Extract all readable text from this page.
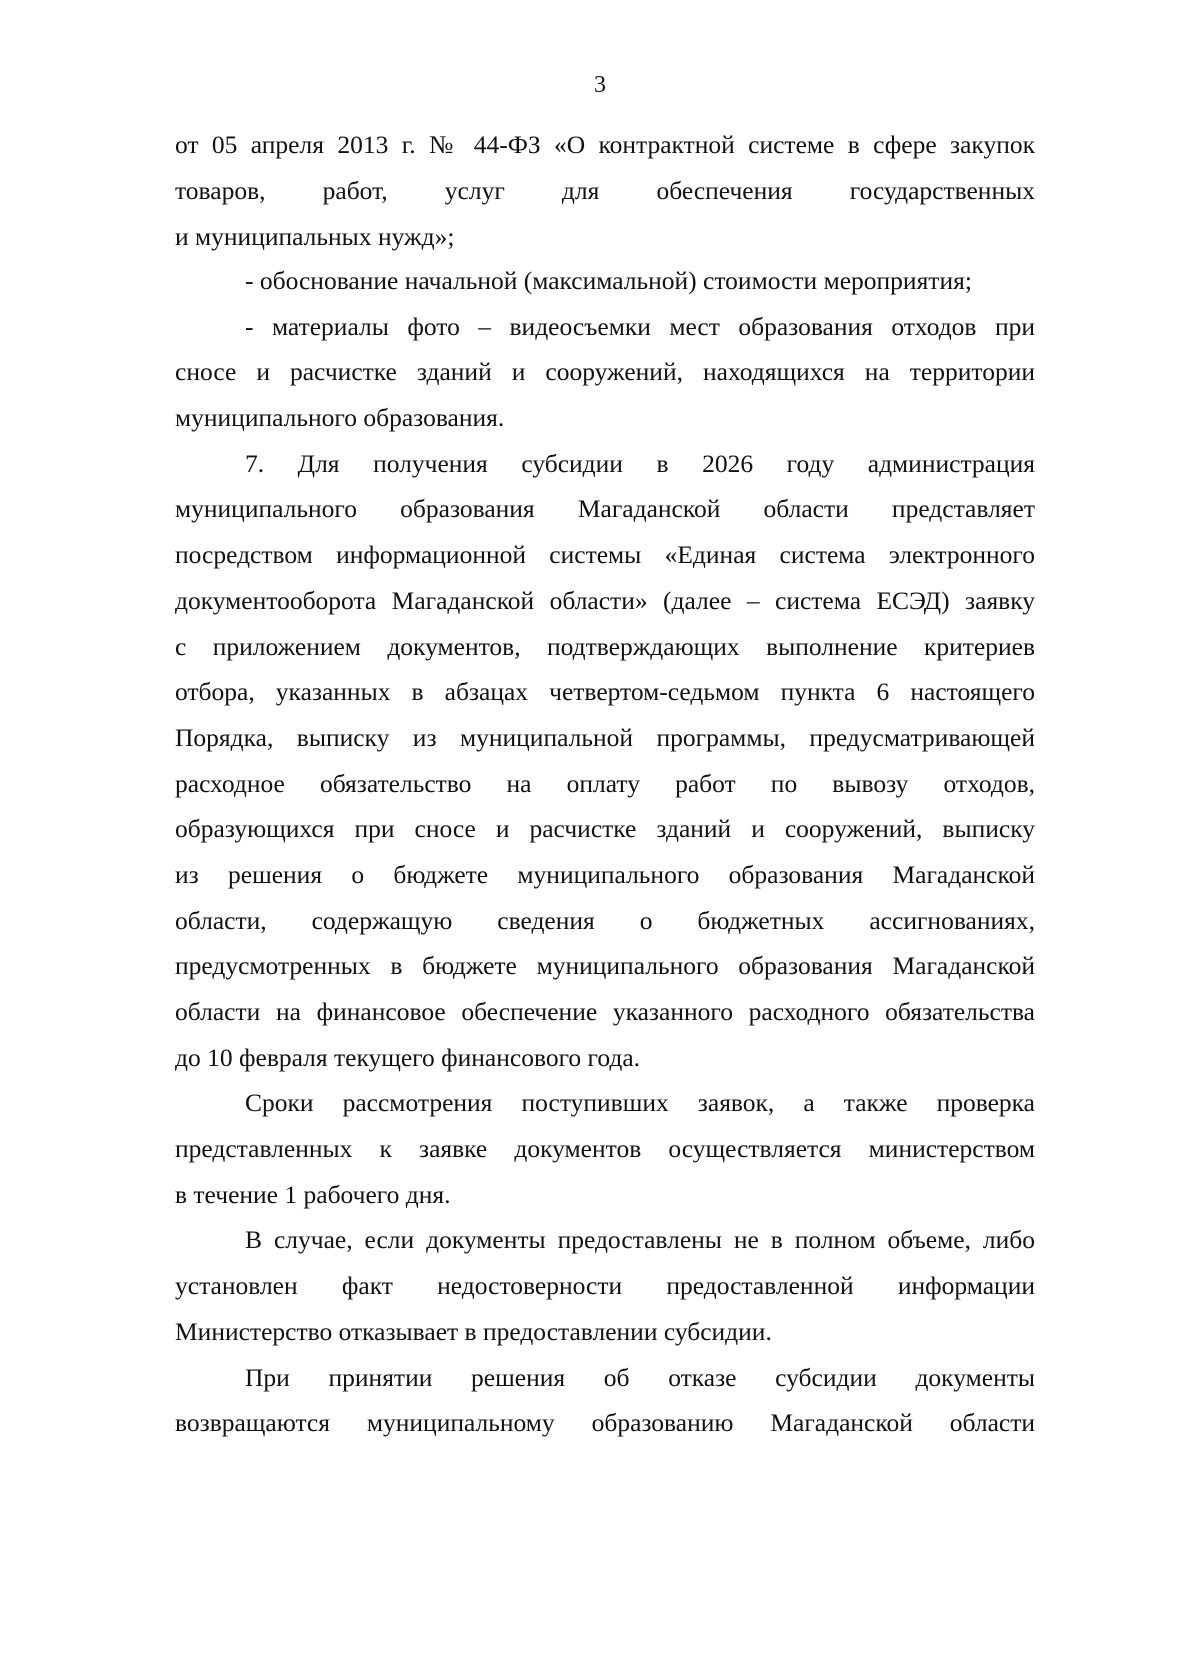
3
от 05 апреля 2013 г. № 44-ФЗ «О контрактной системе в сфере закупок
товаров, работ, услуг для обеспечения государственных
и муниципальных нужд»;
- обоснование начальной (максимальной) стоимости мероприятия;
- материалы фото – видеосъемки мест образования отходов при
сносе и расчистке зданий и сооружений, находящихся на территории
муниципального образования.
7. Для получения субсидии в 2026 году администрация
муниципального образования Магаданской области представляет
посредством информационной системы «Единая система электронного
документооборота Магаданской области» (далее – система ЕСЭД) заявку
с приложением документов, подтверждающих выполнение критериев
отбора, указанных в абзацах четвертом-седьмом пункта 6 настоящего
Порядка, выписку из муниципальной программы, предусматривающей
расходное обязательство на оплату работ по вывозу отходов,
образующихся при сносе и расчистке зданий и сооружений, выписку
из решения о бюджете муниципального образования Магаданской
области, содержащую сведения о бюджетных ассигнованиях,
предусмотренных в бюджете муниципального образования Магаданской
области на финансовое обеспечение указанного расходного обязательства
до 10 февраля текущего финансового года.
Сроки рассмотрения поступивших заявок, а также проверка
представленных к заявке документов осуществляется министерством
в течение 1 рабочего дня.
В случае, если документы предоставлены не в полном объеме, либо
установлен факт недостоверности предоставленной информации
Министерство отказывает в предоставлении субсидии.
При принятии решения об отказе субсидии документы
возвращаются муниципальному образованию Магаданской области
